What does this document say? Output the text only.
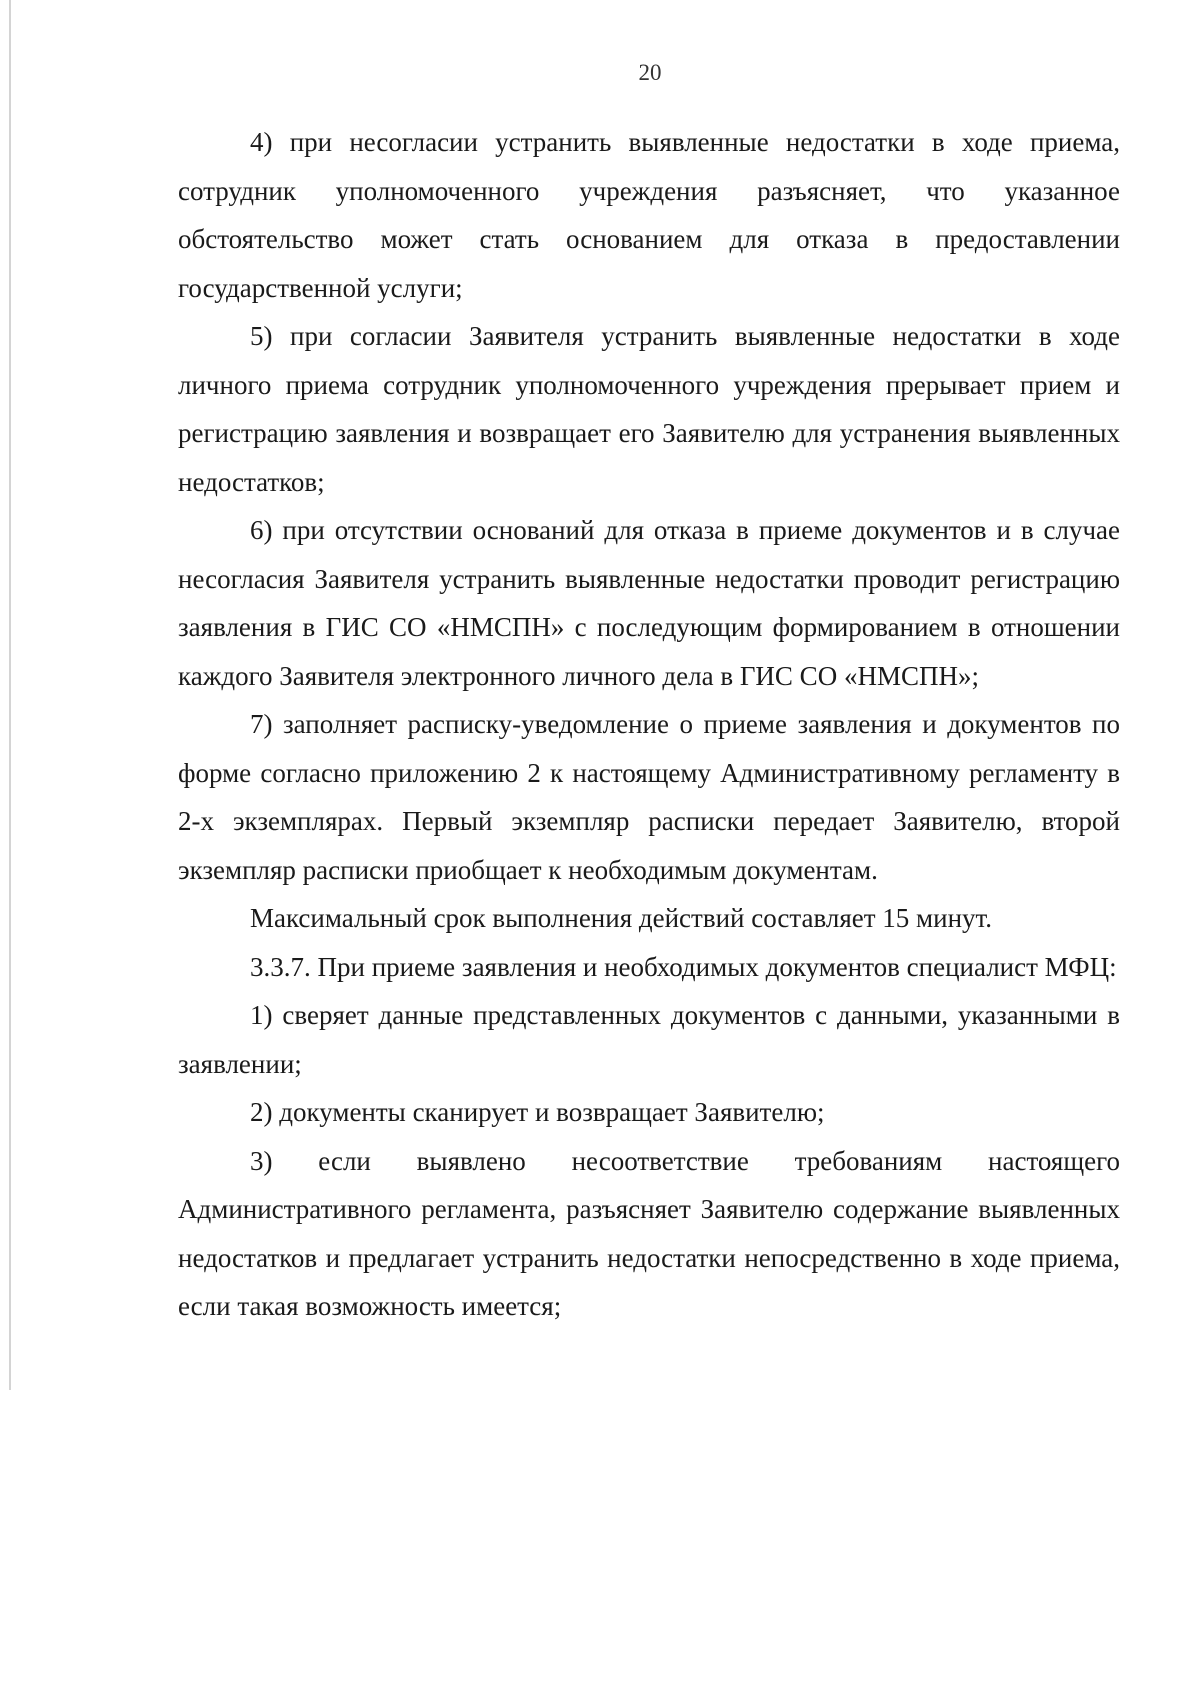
20

4) при несогласии устранить выявленные недостатки в ходе приема, сотрудник уполномоченного учреждения разъясняет, что указанное обстоятельство может стать основанием для отказа в предоставлении государственной услуги;

5) при согласии Заявителя устранить выявленные недостатки в ходе личного приема сотрудник уполномоченного учреждения прерывает прием и регистрацию заявления и возвращает его Заявителю для устранения выявленных недостатков;

6) при отсутствии оснований для отказа в приеме документов и в случае несогласия Заявителя устранить выявленные недостатки проводит регистрацию заявления в ГИС СО «НМСПН» с последующим формированием в отношении каждого Заявителя электронного личного дела в ГИС СО «НМСПН»;

7) заполняет расписку-уведомление о приеме заявления и документов по форме согласно приложению 2 к настоящему Административному регламенту в 2-х экземплярах. Первый экземпляр расписки передает Заявителю, второй экземпляр расписки приобщает к необходимым документам.

Максимальный срок выполнения действий составляет 15 минут.

3.3.7. При приеме заявления и необходимых документов специалист МФЦ:

1) сверяет данные представленных документов с данными, указанными в заявлении;

2) документы сканирует и возвращает Заявителю;

3) если выявлено несоответствие требованиям настоящего Административного регламента, разъясняет Заявителю содержание выявленных недостатков и предлагает устранить недостатки непосредственно в ходе приема, если такая возможность имеется;
